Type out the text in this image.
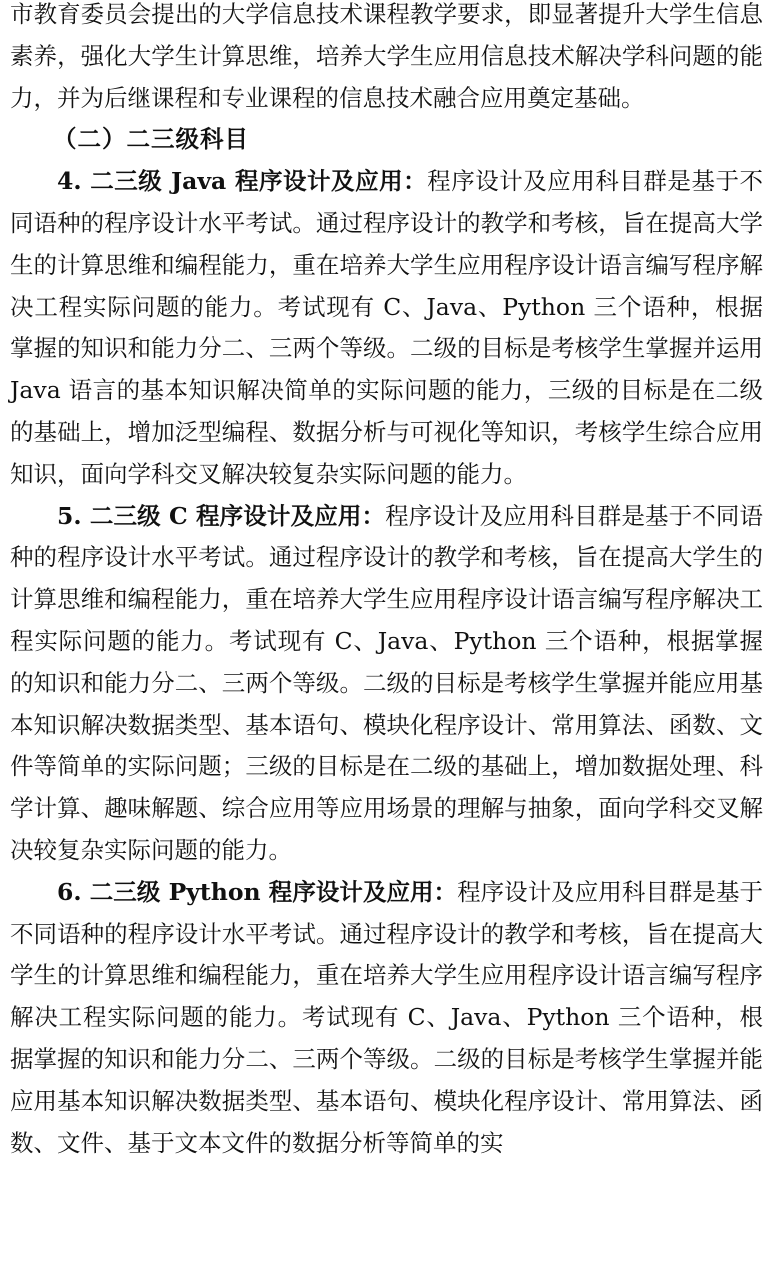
市教育委员会提出的大学信息技术课程教学要求，即显著提升大学生信息素养，强化大学生计算思维，培养大学生应用信息技术解决学科问题的能力，并为后继课程和专业课程的信息技术融合应用奠定基础。

（二）二三级科目

4. 二三级 Java 程序设计及应用：程序设计及应用科目群是基于不同语种的程序设计水平考试。通过程序设计的教学和考核，旨在提高大学生的计算思维和编程能力，重在培养大学生应用程序设计语言编写程序解决工程实际问题的能力。考试现有 C、Java、Python 三个语种，根据掌握的知识和能力分二、三两个等级。二级的目标是考核学生掌握并运用 Java 语言的基本知识解决简单的实际问题的能力，三级的目标是在二级的基础上，增加泛型编程、数据分析与可视化等知识，考核学生综合应用知识，面向学科交叉解决较复杂实际问题的能力。

5. 二三级 C 程序设计及应用：程序设计及应用科目群是基于不同语种的程序设计水平考试。通过程序设计的教学和考核，旨在提高大学生的计算思维和编程能力，重在培养大学生应用程序设计语言编写程序解决工程实际问题的能力。考试现有 C、Java、Python 三个语种，根据掌握的知识和能力分二、三两个等级。二级的目标是考核学生掌握并能应用基本知识解决数据类型、基本语句、模块化程序设计、常用算法、函数、文件等简单的实际问题；三级的目标是在二级的基础上，增加数据处理、科学计算、趣味解题、综合应用等应用场景的理解与抽象，面向学科交叉解决较复杂实际问题的能力。

6. 二三级 Python 程序设计及应用：程序设计及应用科目群是基于不同语种的程序设计水平考试。通过程序设计的教学和考核，旨在提高大学生的计算思维和编程能力，重在培养大学生应用程序设计语言编写程序解决工程实际问题的能力。考试现有 C、Java、Python 三个语种，根据掌握的知识和能力分二、三两个等级。二级的目标是考核学生掌握并能应用基本知识解决数据类型、基本语句、模块化程序设计、常用算法、函数、文件、基于文本文件的数据分析等简单的实
